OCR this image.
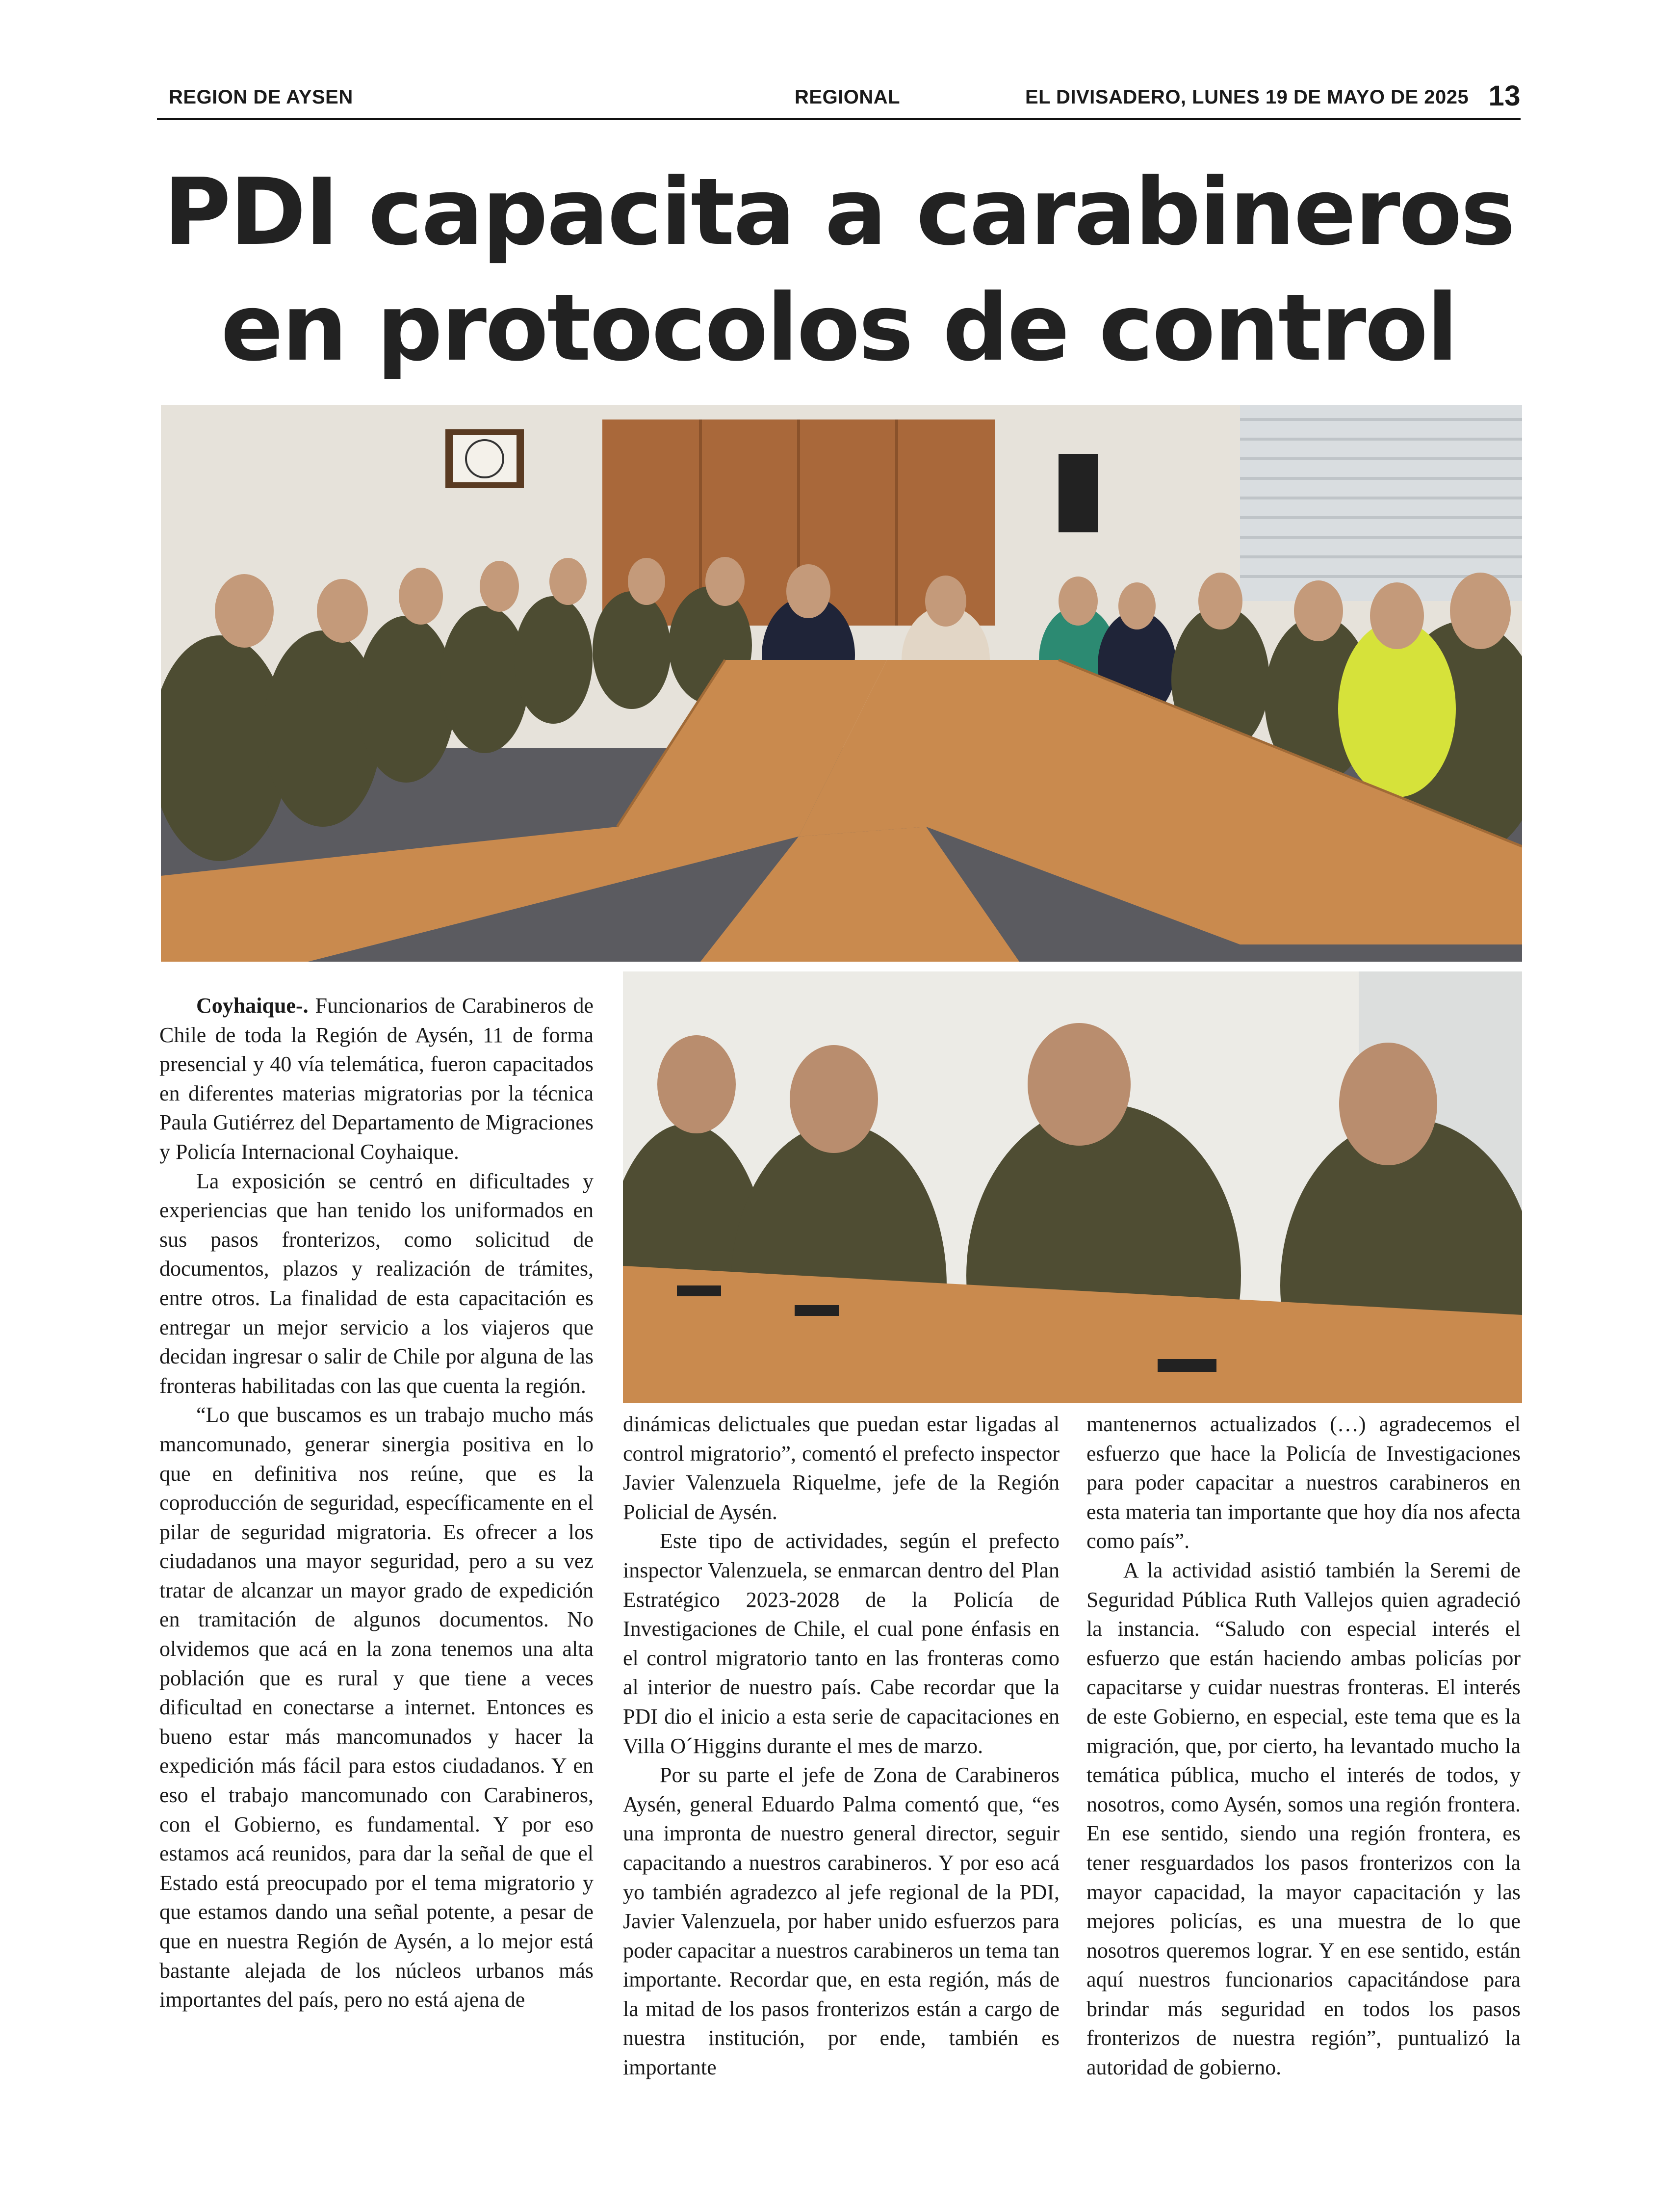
REGION DE AYSEN	REGIONAL	EL DIVISADERO, LUNES 19 DE MAYO DE 2025 13
PDI capacita a carabineros en protocolos de control

Coyhaique-. Funcionarios de Carabineros de Chile de toda la Región de Aysén, 11 de forma presencial y 40 vía telemática, fueron capacitados en diferentes materias migratorias por la técnica Paula Gutiérrez del Departamento de Migraciones y Policía Internacional Coyhaique.

La exposición se centró en dificultades y experiencias que han tenido los uniformados en sus pasos fronterizos, como solicitud de documentos, plazos y realización de trámites, entre otros. La finalidad de esta capacitación es entregar un mejor servicio a los viajeros que decidan ingresar o salir de Chile por alguna de las fronteras habilitadas con las que cuenta la región.

“Lo que buscamos es un trabajo mucho más mancomunado, generar sinergia positiva en lo que en definitiva nos reúne, que es la coproducción de seguridad, específicamente en el pilar de seguridad migratoria. Es ofrecer a los ciudadanos una mayor seguridad, pero a su vez tratar de alcanzar un mayor grado de expedición en tramitación de algunos documentos. No olvidemos que acá en la zona tenemos una alta población que es rural y que tiene a veces dificultad en conectarse a internet. Entonces es bueno estar más mancomunados y hacer la expedición más fácil para estos ciudadanos. Y en eso el trabajo mancomunado con Carabineros, con el Gobierno, es fundamental. Y por eso estamos acá reunidos, para dar la señal de que el Estado está preocupado por el tema migratorio y que estamos dando una señal potente, a pesar de que en nuestra Región de Aysén, a lo mejor está bastante alejada de los núcleos urbanos más importantes del país, pero no está ajena de

dinámicas delictuales que puedan estar ligadas al control migratorio”, comentó el prefecto inspector Javier Valenzuela Riquelme, jefe de la Región Policial de Aysén.

Este tipo de actividades, según el prefecto inspector Valenzuela, se enmarcan dentro del Plan Estratégico 2023-2028 de la Policía de Investigaciones de Chile, el cual pone énfasis en el control migratorio tanto en las fronteras como al interior de nuestro país. Cabe recordar que la PDI dio el inicio a esta serie de capacitaciones en Villa O´Higgins durante el mes de marzo.

Por su parte el jefe de Zona de Carabineros Aysén, general Eduardo Palma comentó que, “es una impronta de nuestro general director, seguir capacitando a nuestros carabineros. Y por eso acá yo también agradezco al jefe regional de la PDI, Javier Valenzuela, por haber unido esfuerzos para poder capacitar a nuestros carabineros un tema tan importante. Recordar que, en esta región, más de la mitad de los pasos fronterizos están a cargo de nuestra institución, por ende, también es importante

mantenernos actualizados (…) agradecemos el esfuerzo que hace la Policía de Investigaciones para poder capacitar a nuestros carabineros en esta materia tan importante que hoy día nos afecta como país”.

A la actividad asistió también la Seremi de Seguridad Pública Ruth Vallejos quien agradeció la instancia. “Saludo con especial interés el esfuerzo que están haciendo ambas policías por capacitarse y cuidar nuestras fronteras. El interés de este Gobierno, en especial, este tema que es la migración, que, por cierto, ha levantado mucho la temática pública, mucho el interés de todos, y nosotros, como Aysén, somos una región frontera. En ese sentido, siendo una región frontera, es tener resguardados los pasos fronterizos con la mayor capacidad, la mayor capacitación y las mejores policías, es una muestra de lo que nosotros queremos lograr. Y en ese sentido, están aquí nuestros funcionarios capacitándose para brindar más seguridad en todos los pasos fronterizos de nuestra región”, puntualizó la autoridad de gobierno.
